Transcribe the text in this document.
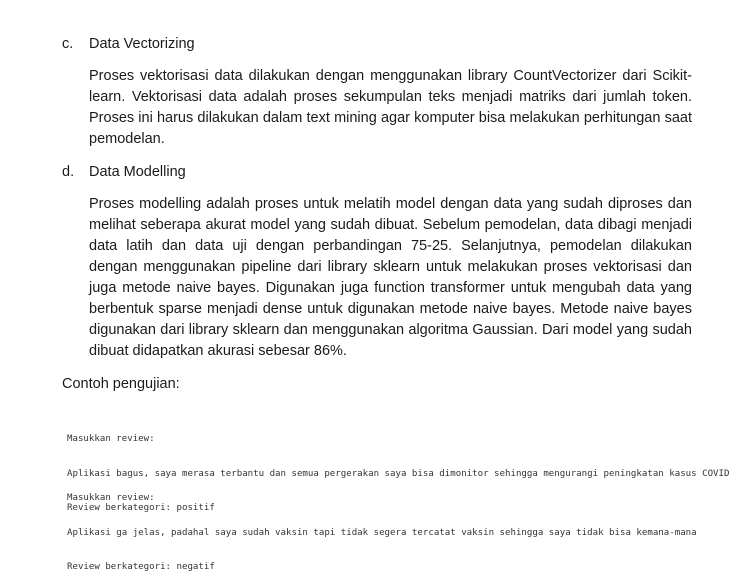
c. Data Vectorizing

Proses vektorisasi data dilakukan dengan menggunakan library CountVectorizer dari Scikit-learn. Vektorisasi data adalah proses sekumpulan teks menjadi matriks dari jumlah token. Proses ini harus dilakukan dalam text mining agar komputer bisa melakukan perhitungan saat pemodelan.

d. Data Modelling

Proses modelling adalah proses untuk melatih model dengan data yang sudah diproses dan melihat seberapa akurat model yang sudah dibuat. Sebelum pemodelan, data dibagi menjadi data latih dan data uji dengan perbandingan 75-25. Selanjutnya, pemodelan dilakukan dengan menggunakan pipeline dari library sklearn untuk melakukan proses vektorisasi dan juga metode naive bayes. Digunakan juga function transformer untuk mengubah data yang berbentuk sparse menjadi dense untuk digunakan metode naive bayes. Metode naive bayes digunakan dari library sklearn dan menggunakan algoritma Gaussian. Dari model yang sudah dibuat didapatkan akurasi sebesar 86%.

Contoh pengujian:

Masukkan review:

Aplikasi bagus, saya merasa terbantu dan semua pergerakan saya bisa dimonitor sehingga mengurangi peningkatan kasus COVID

Review berkategori: positif

Masukkan review:

Aplikasi ga jelas, padahal saya sudah vaksin tapi tidak segera tercatat vaksin sehingga saya tidak bisa kemana-mana

Review berkategori: negatif
